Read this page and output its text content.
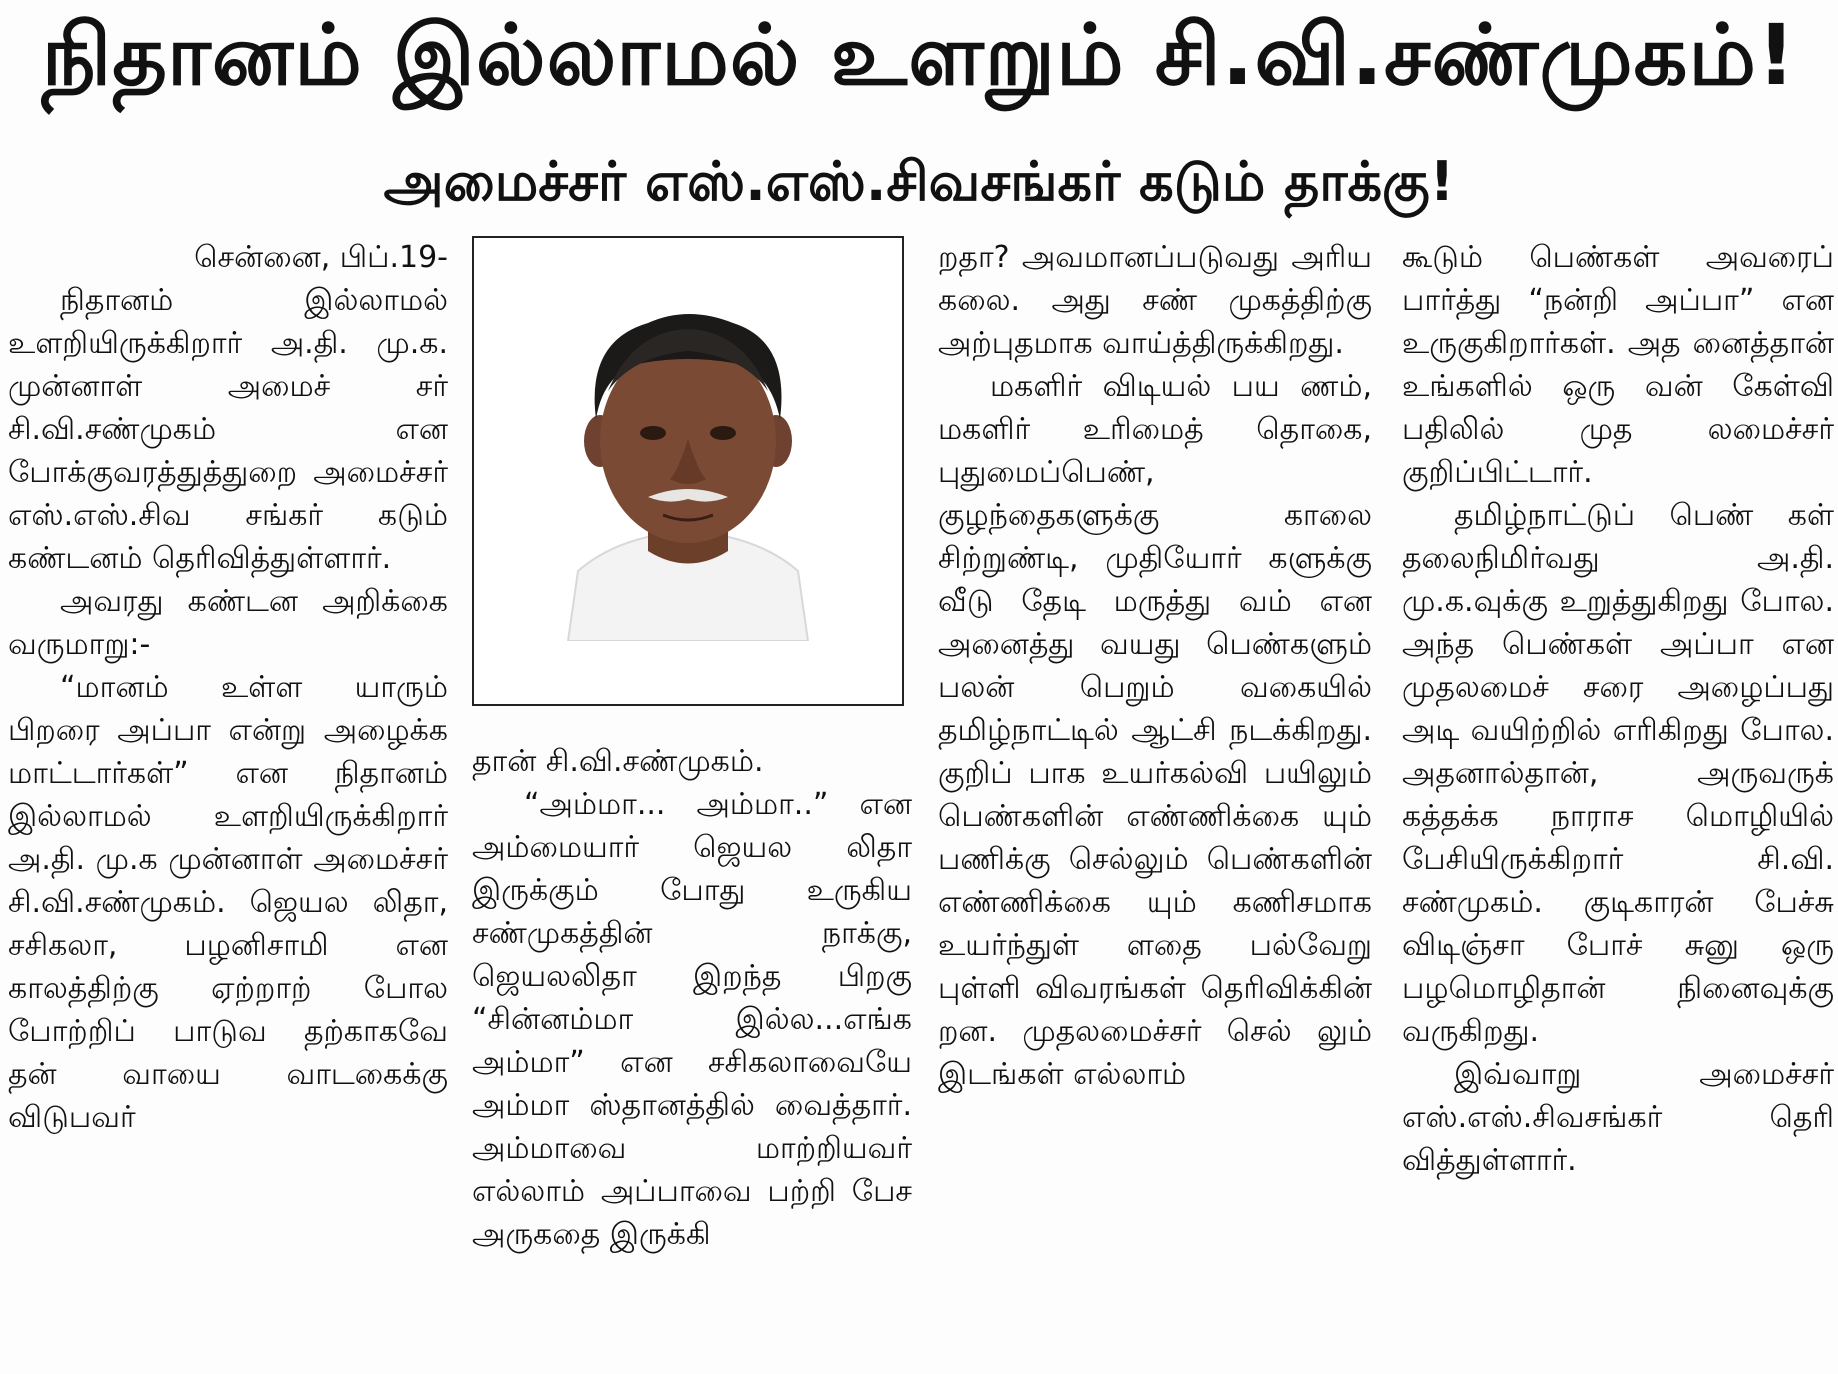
நிதானம் இல்லாமல் உளறும் சி.வி.சண்முகம்!
அமைச்சர் எஸ்.எஸ்.சிவசங்கர் கடும் தாக்கு!

சென்னை, பிப்.19-

நிதானம் இல்லாமல் உளறியிருக்கிறார் அ.தி. மு.க. முன்னாள் அமைச் சர் சி.வி.சண்முகம் என போக்குவரத்துத்துறை அமைச்சர் எஸ்.எஸ்.சிவ சங்கர் கடும் கண்டனம் தெரிவித்துள்ளார்.

அவரது கண்டன அறிக்கை வருமாறு:-

“மானம் உள்ள யாரும் பிறரை அப்பா என்று அழைக்க மாட்டார்கள்” என நிதானம் இல்லாமல் உளறியிருக்கிறார் அ.தி. மு.க முன்னாள் அமைச்சர் சி.வி.சண்முகம். ஜெயல லிதா, சசிகலா, பழனிசாமி என காலத்திற்கு ஏற்றாற் போல போற்றிப் பாடுவ தற்காகவே தன் வாயை வாடகைக்கு விடுபவர்

தான் சி.வி.சண்முகம்.

“அம்மா... அம்மா..” என அம்மையார் ஜெயல லிதா இருக்கும் போது உருகிய சண்முகத்தின் நாக்கு, ஜெயலலிதா இறந்த பிறகு “சின்னம்மா இல்ல...எங்க அம்மா” என சசிகலாவையே அம்மா ஸ்தானத்தில் வைத்தார். அம்மாவை மாற்றியவர் எல்லாம் அப்பாவை பற்றி பேச அருகதை இருக்கி

றதா? அவமானப்படுவது அரிய கலை. அது சண் முகத்திற்கு அற்புதமாக வாய்த்திருக்கிறது.

மகளிர் விடியல் பய ணம், மகளிர் உரிமைத் தொகை, புதுமைப்பெண், குழந்தைகளுக்கு காலை சிற்றுண்டி, முதியோர் களுக்கு வீடு தேடி மருத்து வம் என அனைத்து வயது பெண்களும் பலன் பெறும் வகையில் தமிழ்நாட்டில் ஆட்சி நடக்கிறது. குறிப் பாக உயர்கல்வி பயிலும் பெண்களின் எண்ணிக்கை யும் பணிக்கு செல்லும் பெண்களின் எண்ணிக்கை யும் கணிசமாக உயர்ந்துள் ளதை பல்வேறு புள்ளி விவரங்கள் தெரிவிக்கின் றன. முதலமைச்சர் செல் லும் இடங்கள் எல்லாம்

கூடும் பெண்கள் அவரைப் பார்த்து “நன்றி அப்பா” என உருகுகிறார்கள். அத னைத்தான் உங்களில் ஒரு வன் கேள்வி பதிலில் முத லமைச்சர் குறிப்பிட்டார்.

தமிழ்நாட்டுப் பெண் கள் தலைநிமிர்வது அ.தி. மு.க.வுக்கு உறுத்துகிறது போல. அந்த பெண்கள் அப்பா என முதலமைச் சரை அழைப்பது அடி வயிற்றில் எரிகிறது போல. அதனால்தான், அருவருக் கத்தக்க நாராச மொழியில் பேசியிருக்கிறார் சி.வி. சண்முகம். குடிகாரன் பேச்சு விடிஞ்சா போச் சுனு ஒரு பழமொழிதான் நினைவுக்கு வருகிறது.

இவ்வாறு அமைச்சர் எஸ்.எஸ்.சிவசங்கர் தெரி வித்துள்ளார்.
